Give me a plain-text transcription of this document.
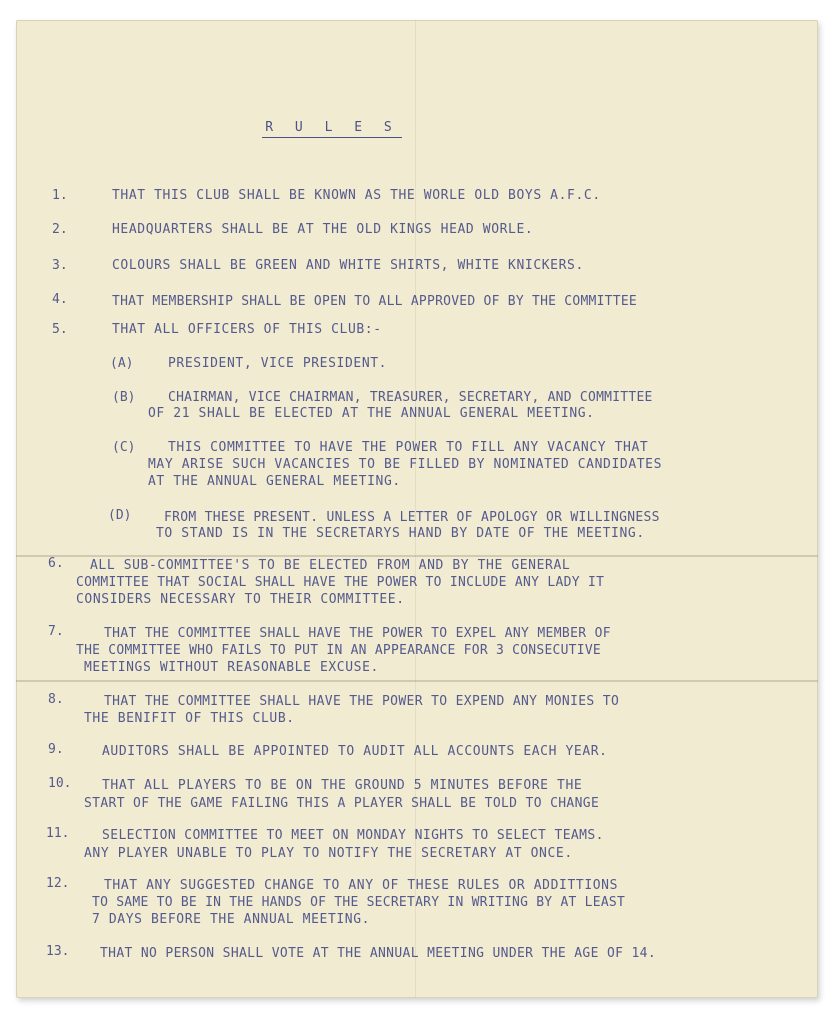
R U L E S
1.	THAT THIS CLUB SHALL BE KNOWN AS THE WORLE OLD BOYS A.F.C.
2.	HEADQUARTERS SHALL BE AT THE OLD KINGS HEAD WORLE.
3.	COLOURS SHALL BE GREEN AND WHITE SHIRTS, WHITE KNICKERS.
4.	THAT MEMBERSHIP SHALL BE OPEN TO ALL APPROVED OF BY THE COMMITTEE
5.	THAT ALL OFFICERS OF THIS CLUB:-
(A)	PRESIDENT, VICE PRESIDENT.
(B)	CHAIRMAN, VICE CHAIRMAN, TREASURER, SECRETARY, AND COMMITTEE
OF 21 SHALL BE ELECTED AT THE ANNUAL GENERAL MEETING.
(C)	THIS COMMITTEE TO HAVE THE POWER TO FILL ANY VACANCY THAT
MAY ARISE SUCH VACANCIES TO BE FILLED BY NOMINATED CANDIDATES
AT THE ANNUAL GENERAL MEETING.
(D)	FROM THESE PRESENT. UNLESS A LETTER OF APOLOGY OR WILLINGNESS
TO STAND IS IN THE SECRETARYS HAND BY DATE OF THE MEETING.
6. ALL SUB-COMMITTEE'S TO BE ELECTED FROM AND BY THE GENERAL
COMMITTEE THAT SOCIAL SHALL HAVE THE POWER TO INCLUDE ANY LADY IT
CONSIDERS NECESSARY TO THEIR COMMITTEE.
7.	THAT THE COMMITTEE SHALL HAVE THE POWER TO EXPEL ANY MEMBER OF
THE COMMITTEE WHO FAILS TO PUT IN AN APPEARANCE FOR 3 CONSECUTIVE
MEETINGS WITHOUT REASONABLE EXCUSE.
8.	THAT THE COMMITTEE SHALL HAVE THE POWER TO EXPEND ANY MONIES TO
THE BENIFIT OF THIS CLUB.
9.	AUDITORS SHALL BE APPOINTED TO AUDIT ALL ACCOUNTS EACH YEAR.
10. THAT ALL PLAYERS TO BE ON THE GROUND 5 MINUTES BEFORE THE
START OF THE GAME FAILING THIS A PLAYER SHALL BE TOLD TO CHANGE
11.	SELECTION COMMITTEE TO MEET ON MONDAY NIGHTS TO SELECT TEAMS.
ANY PLAYER UNABLE TO PLAY TO NOTIFY THE SECRETARY AT ONCE.
12.	THAT ANY SUGGESTED CHANGE TO ANY OF THESE RULES OR ADDITTIONS
TO SAME TO BE IN THE HANDS OF THE SECRETARY IN WRITING BY AT LEAST
7 DAYS BEFORE THE ANNUAL MEETING.
13. THAT NO PERSON SHALL VOTE AT THE ANNUAL MEETING UNDER THE AGE OF 14.
